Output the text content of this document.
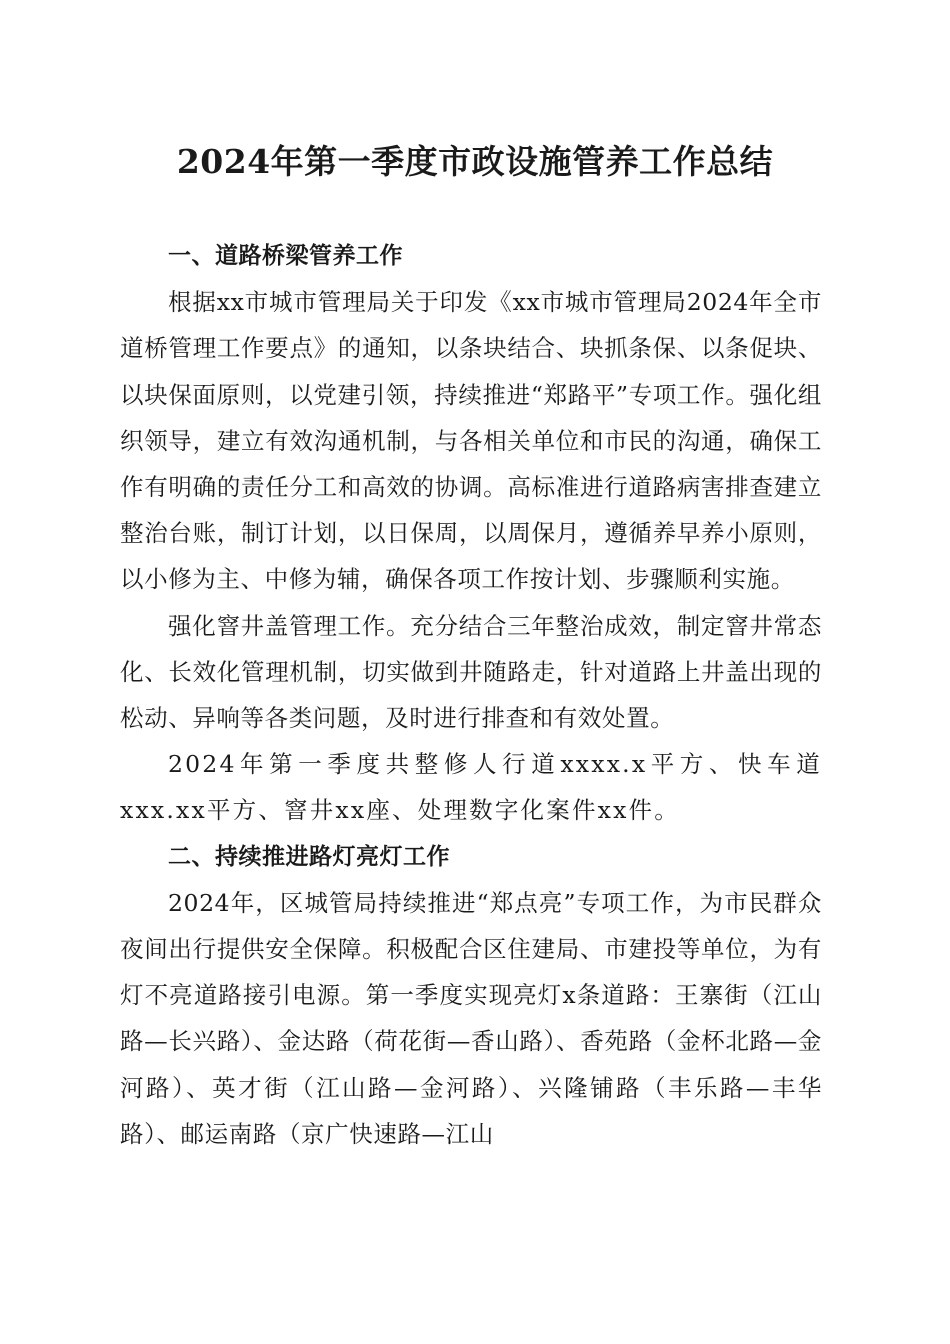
2024年第一季度市政设施管养工作总结
一、道路桥梁管养工作

根据xx市城市管理局关于印发《xx市城市管理局2024年全市道桥管理工作要点》的通知，以条块结合、块抓条保、以条促块、以块保面原则，以党建引领，持续推进“郑路平”专项工作。强化组织领导，建立有效沟通机制，与各相关单位和市民的沟通，确保工作有明确的责任分工和高效的协调。高标准进行道路病害排查建立整治台账，制订计划，以日保周，以周保月，遵循养早养小原则，以小修为主、中修为辅，确保各项工作按计划、步骤顺利实施。

强化窨井盖管理工作。充分结合三年整治成效，制定窨井常态化、长效化管理机制，切实做到井随路走，针对道路上井盖出现的松动、异响等各类问题，及时进行排查和有效处置。

2024年第一季度共整修人行道xxxx.x平方、快车道xxx.xx平方、窨井xx座、处理数字化案件xx件。

二、持续推进路灯亮灯工作

2024年，区城管局持续推进“郑点亮”专项工作，为市民群众夜间出行提供安全保障。积极配合区住建局、市建投等单位，为有灯不亮道路接引电源。第一季度实现亮灯x条道路：王寨街（江山路—长兴路）、金达路（荷花街—香山路）、香苑路（金杯北路—金河路）、英才街（江山路—金河路）、兴隆铺路（丰乐路—丰华路）、邮运南路（京广快速路—江山
